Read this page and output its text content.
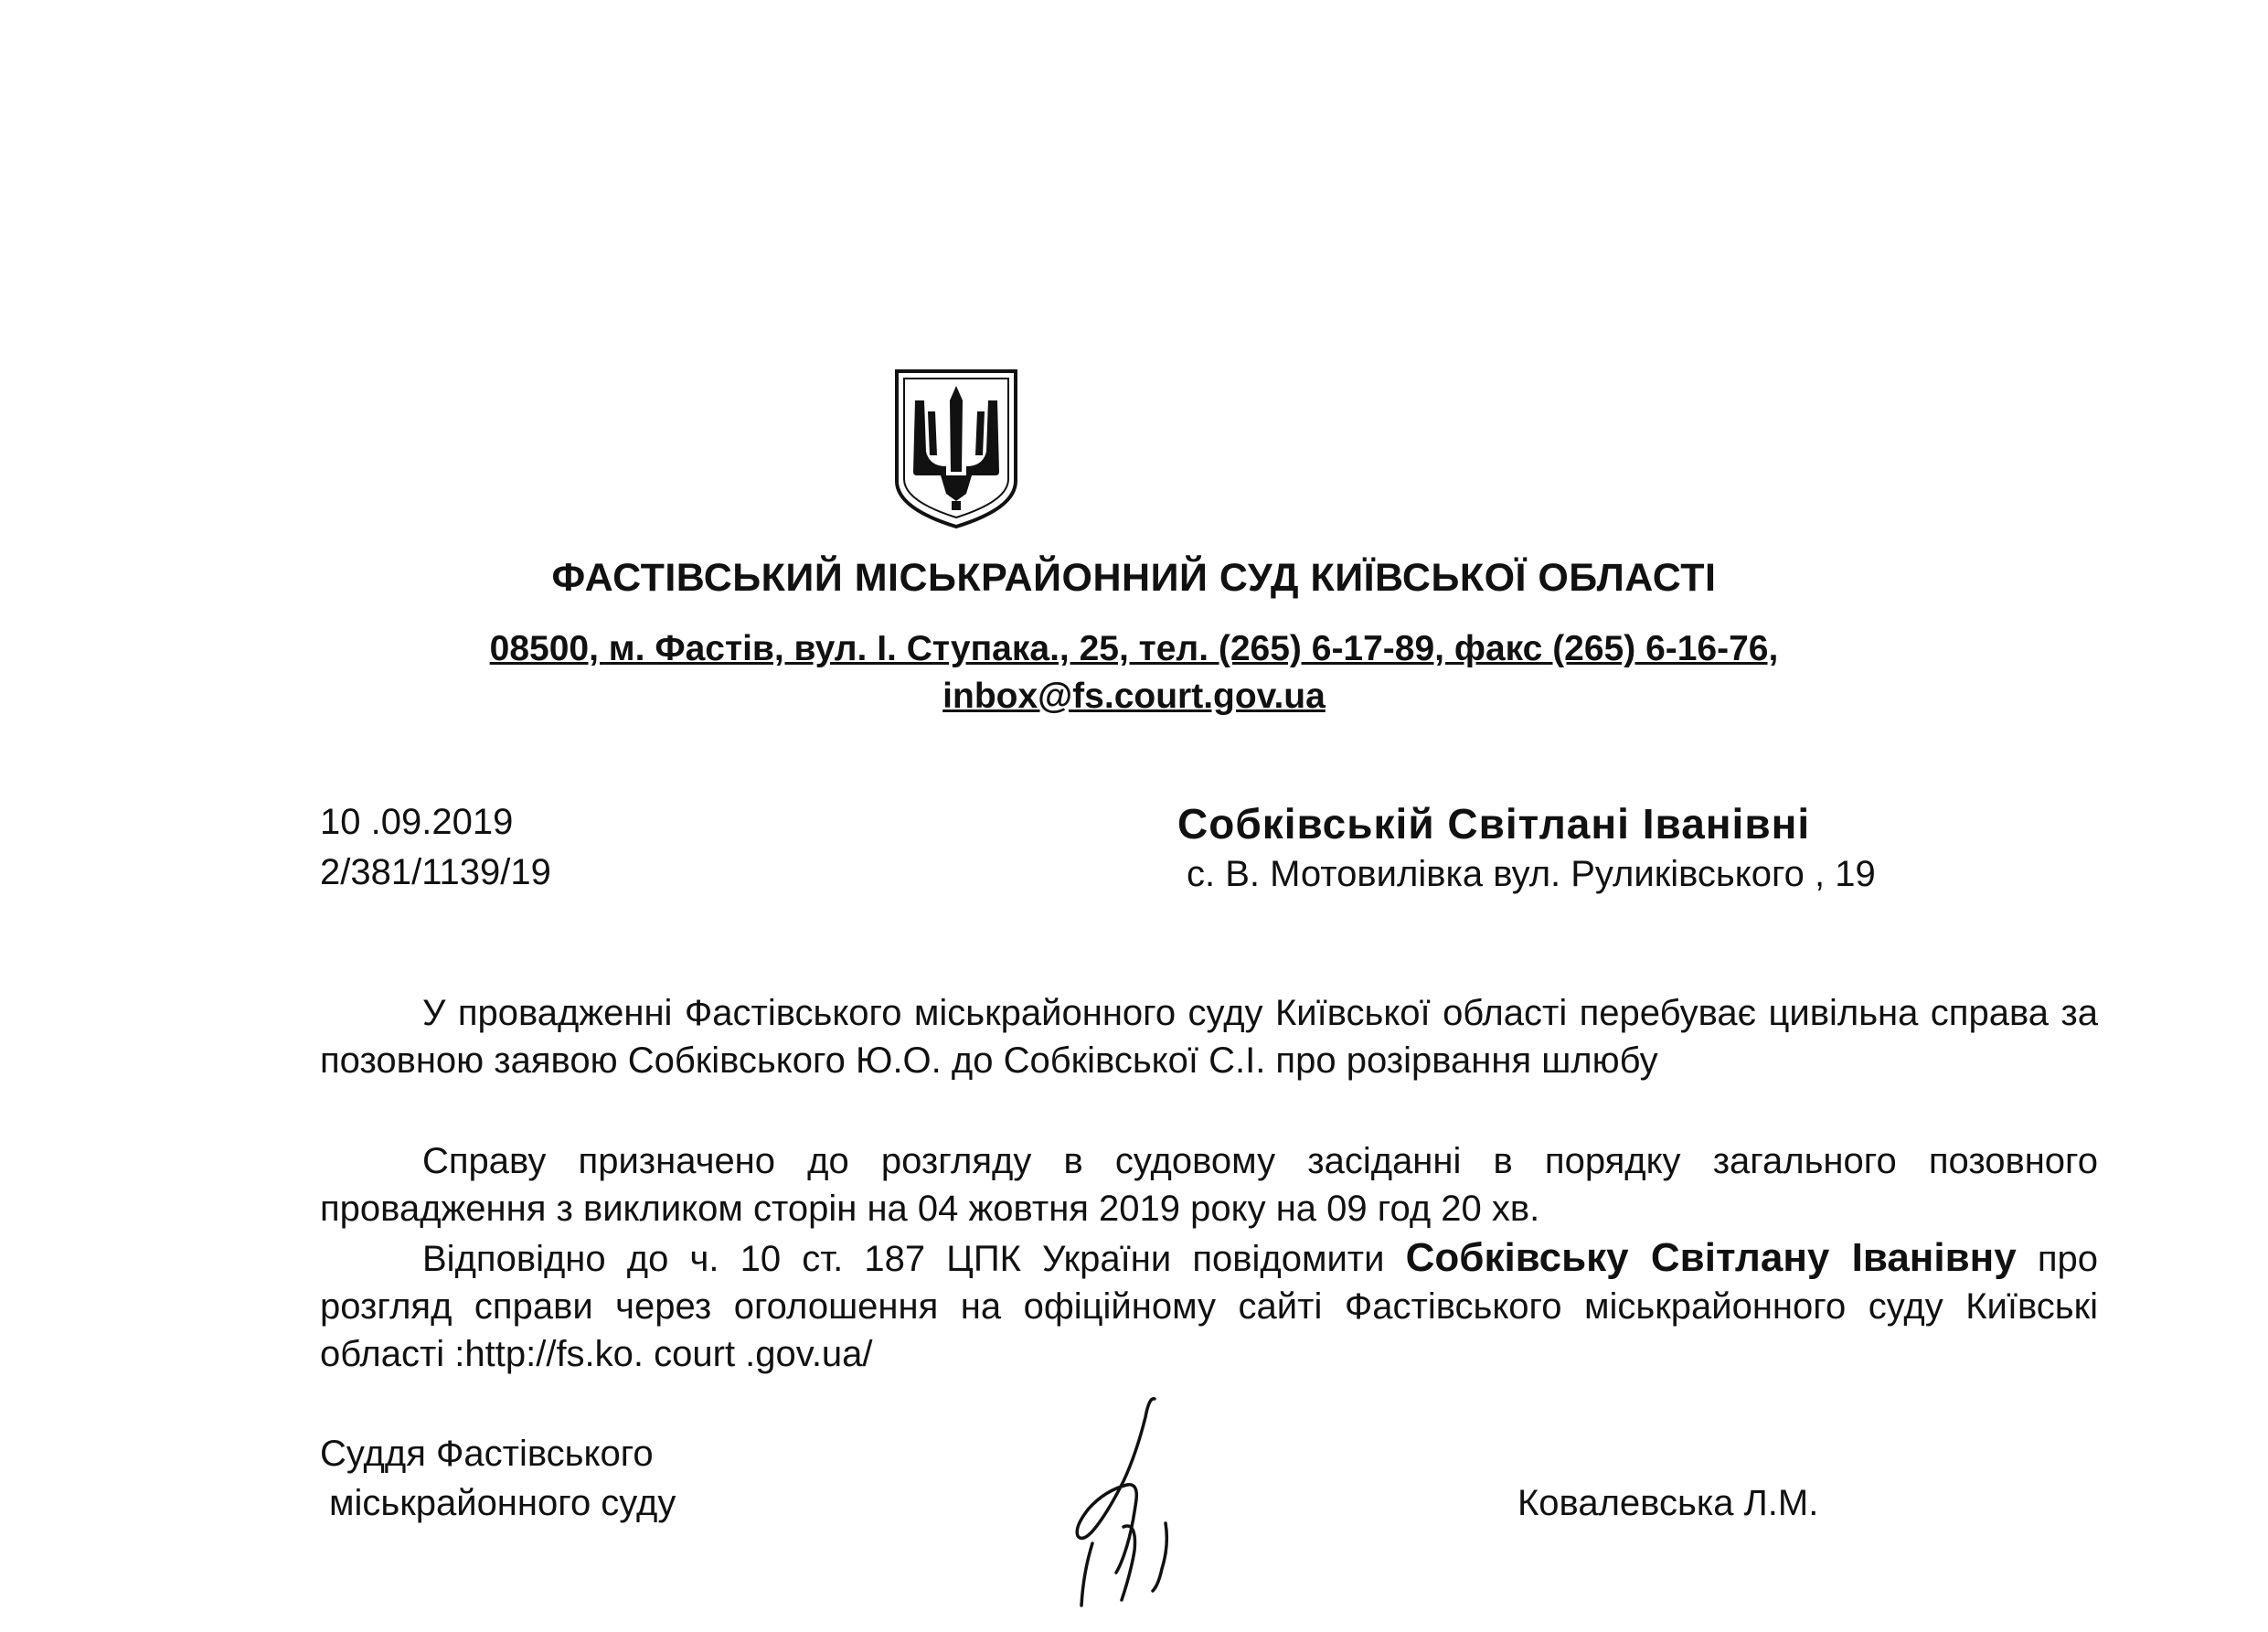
ФАСТІВСЬКИЙ МІСЬКРАЙОННИЙ СУД КИЇВСЬКОЇ ОБЛАСТІ
08500, м. Фастів, вул. І. Ступака., 25, тел. (265) 6-17-89, факс (265) 6-16-76,
inbox@fs.court.gov.ua
10 .09.2019
2/381/1139/19
Собківській Світлані Іванівні
с. В. Мотовилівка вул. Руликівського , 19

У провадженні Фастівського міськрайонного суду Київської області перебуває цивільна справа за позовною заявою Собківського Ю.О. до Собківської С.І. про розірвання шлюбу

Справу призначено до розгляду в судовому засіданні в порядку загального позовного провадження з викликом сторін на 04 жовтня 2019 року на 09 год 20 хв.

Відповідно до ч. 10 ст. 187 ЦПК України повідомити Собківську Світлану Іванівну про розгляд справи через оголошення на офіційному сайті Фастівського міськрайонного суду Київські області :http://fs.ko. court .gov.ua/

Суддя Фастівського
міськрайонного суду	Ковалевська Л.М.
